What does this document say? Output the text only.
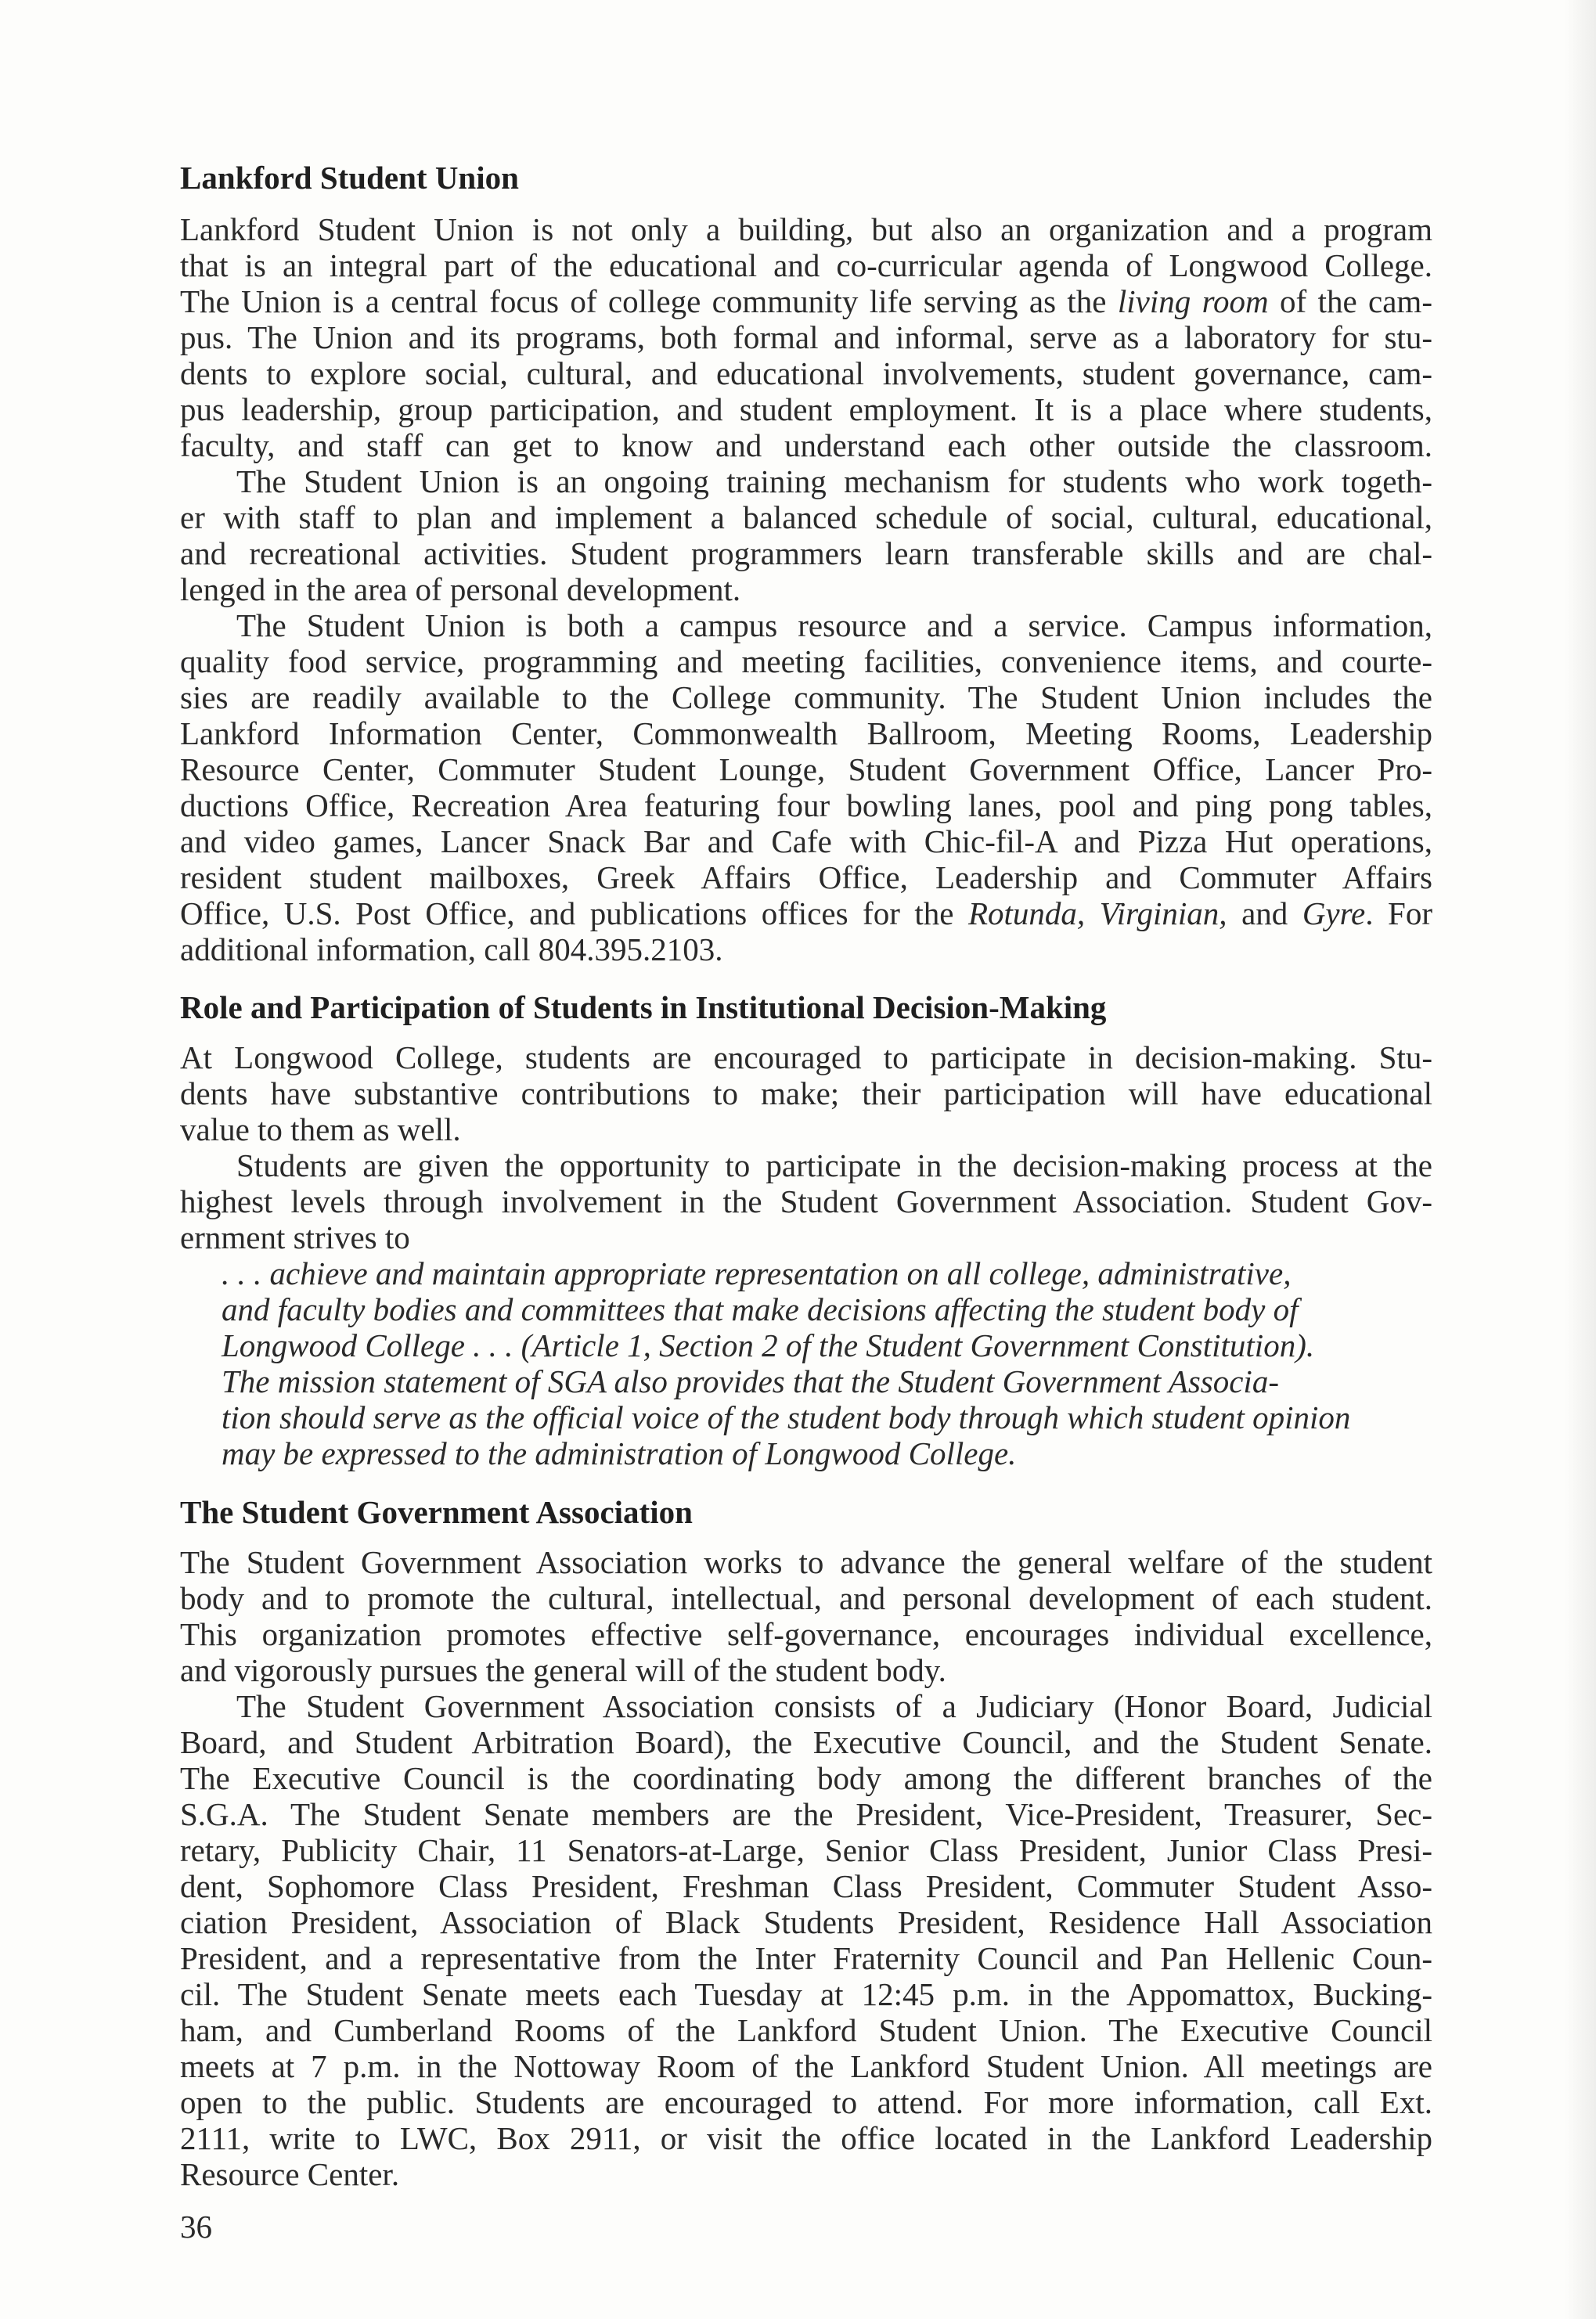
Lankford Student Union
Lankford Student Union is not only a building, but also an organization and a program
that is an integral part of the educational and co-curricular agenda of Longwood College.
The Union is a central focus of college community life serving as the living room of the cam-
pus. The Union and its programs, both formal and informal, serve as a laboratory for stu-
dents to explore social, cultural, and educational involvements, student governance, cam-
pus leadership, group participation, and student employment. It is a place where students,
faculty, and staff can get to know and understand each other outside the classroom.
The Student Union is an ongoing training mechanism for students who work togeth-
er with staff to plan and implement a balanced schedule of social, cultural, educational,
and recreational activities. Student programmers learn transferable skills and are chal-
lenged in the area of personal development.
The Student Union is both a campus resource and a service. Campus information,
quality food service, programming and meeting facilities, convenience items, and courte-
sies are readily available to the College community. The Student Union includes the
Lankford Information Center, Commonwealth Ballroom, Meeting Rooms, Leadership
Resource Center, Commuter Student Lounge, Student Government Office, Lancer Pro-
ductions Office, Recreation Area featuring four bowling lanes, pool and ping pong tables,
and video games, Lancer Snack Bar and Cafe with Chic-fil-A and Pizza Hut operations,
resident student mailboxes, Greek Affairs Office, Leadership and Commuter Affairs
Office, U.S. Post Office, and publications offices for the Rotunda, Virginian, and Gyre. For
additional information, call 804.395.2103.
Role and Participation of Students in Institutional Decision-Making
At Longwood College, students are encouraged to participate in decision-making. Stu-
dents have substantive contributions to make; their participation will have educational
value to them as well.
Students are given the opportunity to participate in the decision-making process at the
highest levels through involvement in the Student Government Association. Student Gov-
ernment strives to
. . . achieve and maintain appropriate representation on all college, administrative,
and faculty bodies and committees that make decisions affecting the student body of
Longwood College . . . (Article 1, Section 2 of the Student Government Constitution).
The mission statement of SGA also provides that the Student Government Associa-
tion should serve as the official voice of the student body through which student opinion
may be expressed to the administration of Longwood College.
The Student Government Association
The Student Government Association works to advance the general welfare of the student
body and to promote the cultural, intellectual, and personal development of each student.
This organization promotes effective self-governance, encourages individual excellence,
and vigorously pursues the general will of the student body.
The Student Government Association consists of a Judiciary (Honor Board, Judicial
Board, and Student Arbitration Board), the Executive Council, and the Student Senate.
The Executive Council is the coordinating body among the different branches of the
S.G.A. The Student Senate members are the President, Vice-President, Treasurer, Sec-
retary, Publicity Chair, 11 Senators-at-Large, Senior Class President, Junior Class Presi-
dent, Sophomore Class President, Freshman Class President, Commuter Student Asso-
ciation President, Association of Black Students President, Residence Hall Association
President, and a representative from the Inter Fraternity Council and Pan Hellenic Coun-
cil. The Student Senate meets each Tuesday at 12:45 p.m. in the Appomattox, Bucking-
ham, and Cumberland Rooms of the Lankford Student Union. The Executive Council
meets at 7 p.m. in the Nottoway Room of the Lankford Student Union. All meetings are
open to the public. Students are encouraged to attend. For more information, call Ext.
2111, write to LWC, Box 2911, or visit the office located in the Lankford Leadership
Resource Center.
36
